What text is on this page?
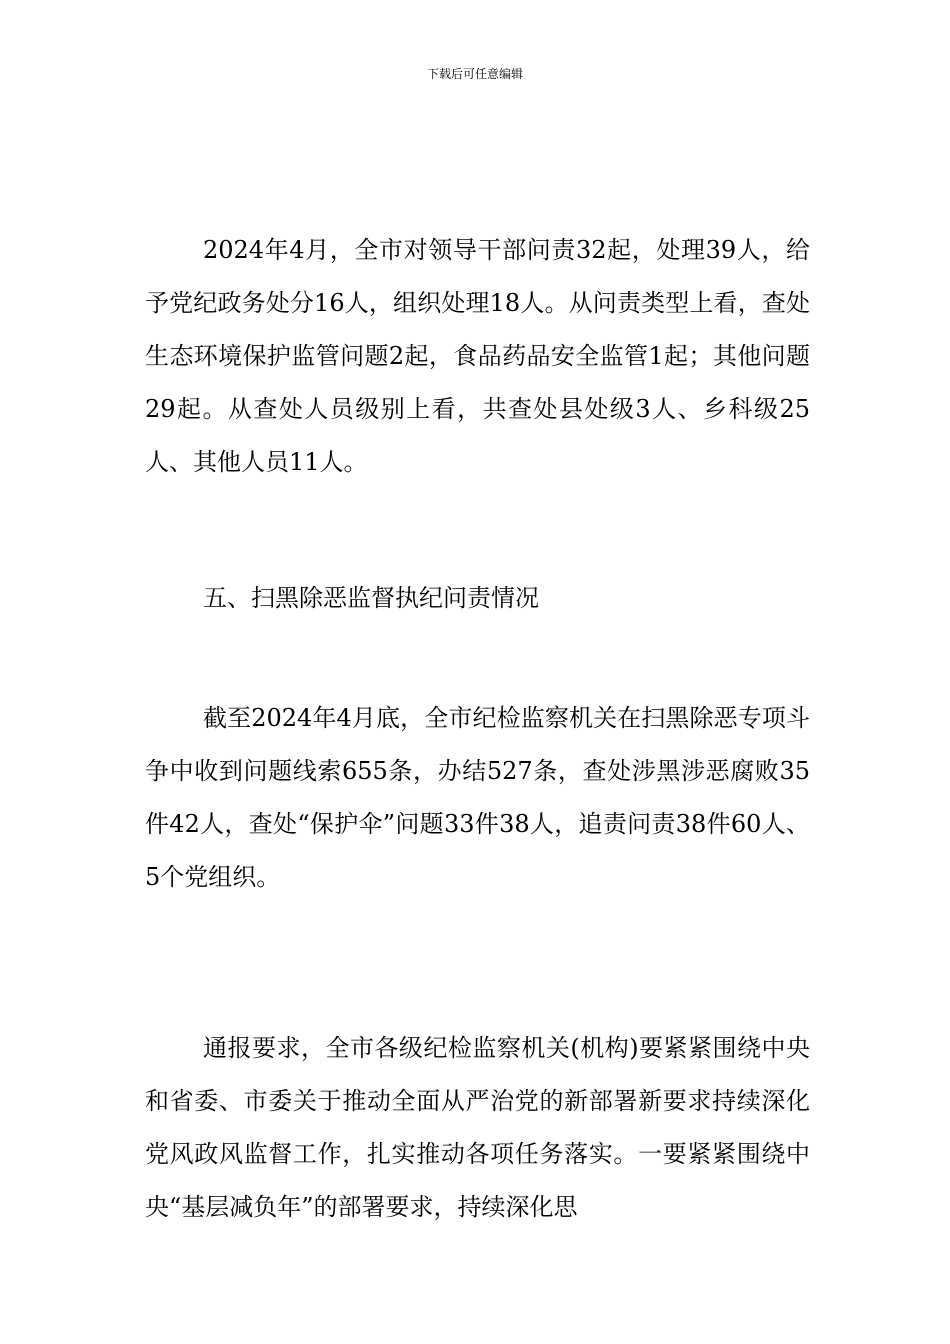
下载后可任意编辑

2024年4月，全市对领导干部问责32起，处理39人，给予党纪政务处分16人，组织处理18人。从问责类型上看，查处生态环境保护监管问题2起，食品药品安全监管1起；其他问题29起。从查处人员级别上看，共查处县处级3人、乡科级25人、其他人员11人。

五、扫黑除恶监督执纪问责情况

截至2024年4月底，全市纪检监察机关在扫黑除恶专项斗争中收到问题线索655条，办结527条，查处涉黑涉恶腐败35件42人，查处“保护伞”问题33件38人，追责问责38件60人、5个党组织。

通报要求，全市各级纪检监察机关(机构)要紧紧围绕中央和省委、市委关于推动全面从严治党的新部署新要求持续深化党风政风监督工作，扎实推动各项任务落实。一要紧紧围绕中央“基层减负年”的部署要求，持续深化思
